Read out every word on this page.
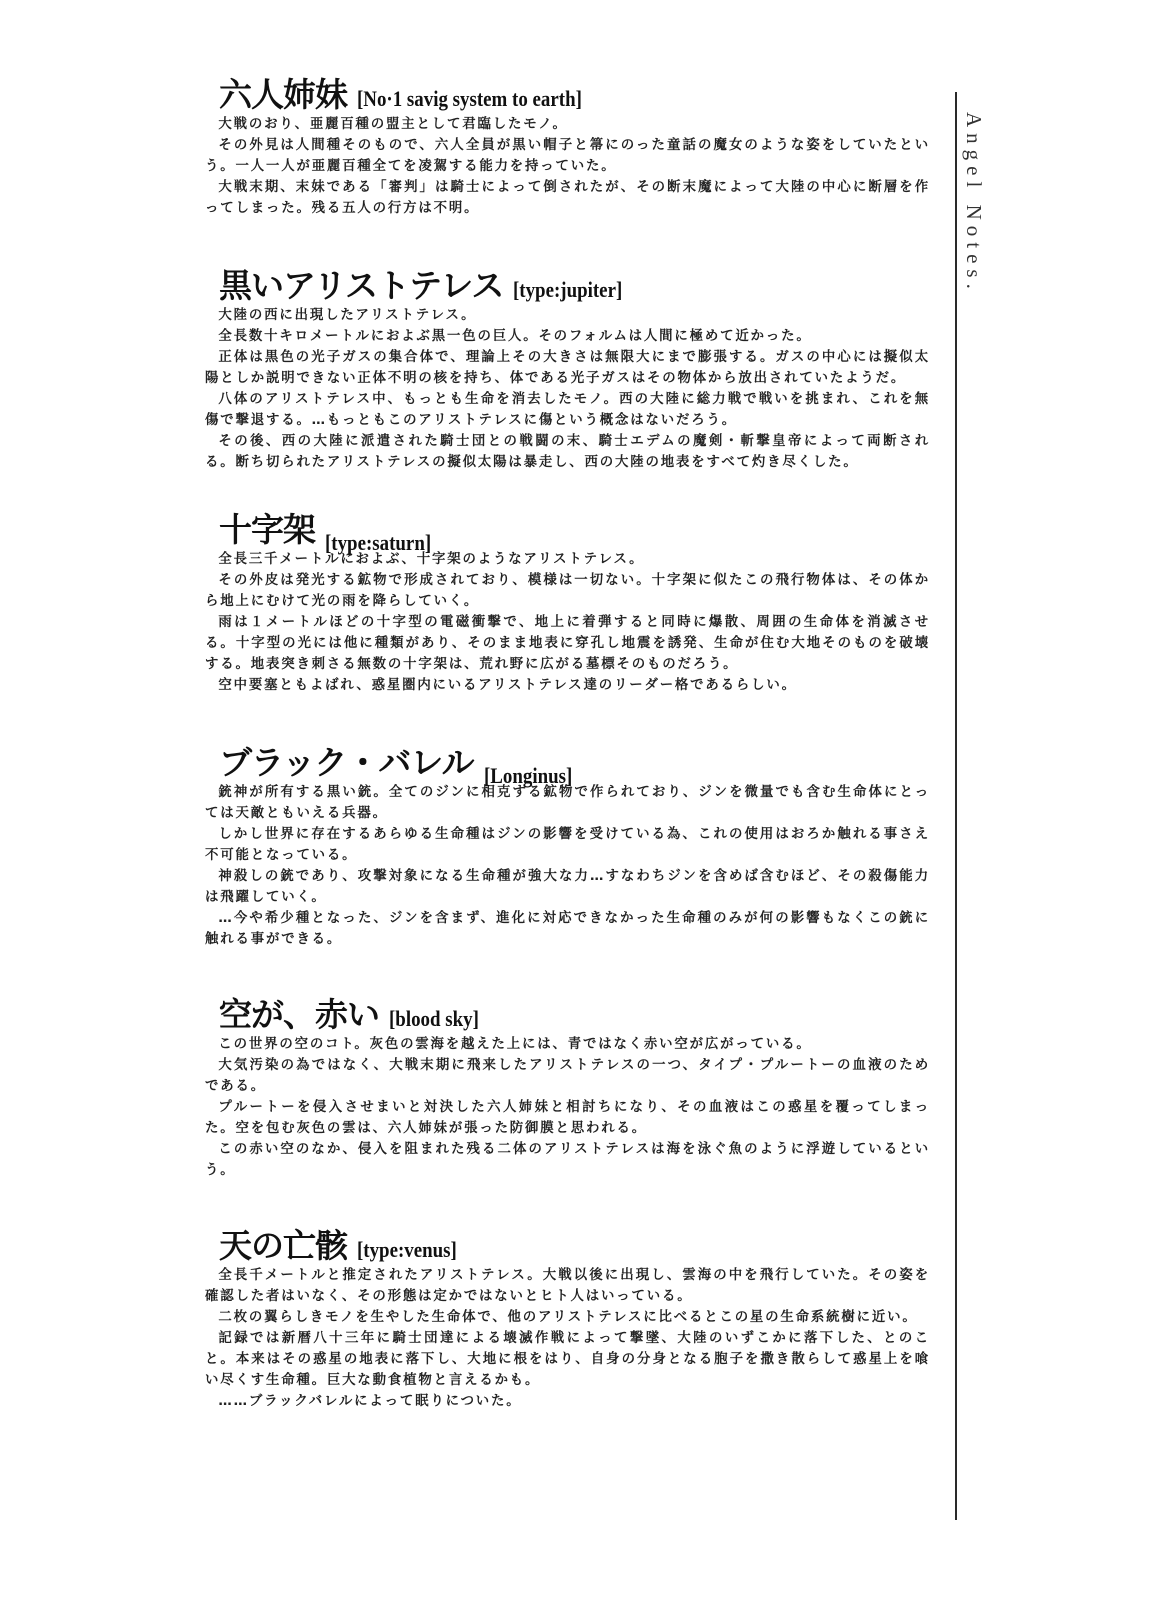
六人姉妹 [No·1 savig system to earth]

大戦のおり、亜麗百種の盟主として君臨したモノ。

その外見は人間種そのもので、六人全員が黒い帽子と箒にのった童話の魔女のような姿をしていたという。一人一人が亜麗百種全てを凌駕する能力を持っていた。

大戦末期、末妹である「審判」は騎士によって倒されたが、その断末魔によって大陸の中心に断層を作ってしまった。残る五人の行方は不明。

黒いアリストテレス [type:jupiter]

大陸の西に出現したアリストテレス。

全長数十キロメートルにおよぶ黒一色の巨人。そのフォルムは人間に極めて近かった。

正体は黒色の光子ガスの集合体で、理論上その大きさは無限大にまで膨張する。ガスの中心には擬似太陽としか説明できない正体不明の核を持ち、体である光子ガスはその物体から放出されていたようだ。

八体のアリストテレス中、もっとも生命を消去したモノ。西の大陸に総力戦で戦いを挑まれ、これを無傷で撃退する。…もっともこのアリストテレスに傷という概念はないだろう。

その後、西の大陸に派遣された騎士団との戦闘の末、騎士エデムの魔剣・斬撃皇帝によって両断される。断ち切られたアリストテレスの擬似太陽は暴走し、西の大陸の地表をすべて灼き尽くした。

十字架 [type:saturn]

全長三千メートルにおよぶ、十字架のようなアリストテレス。

その外皮は発光する鉱物で形成されており、模様は一切ない。十字架に似たこの飛行物体は、その体から地上にむけて光の雨を降らしていく。

雨は１メートルほどの十字型の電磁衝撃で、地上に着弾すると同時に爆散、周囲の生命体を消滅させる。十字型の光には他に種類があり、そのまま地表に穿孔し地震を誘発、生命が住む大地そのものを破壊する。地表突き刺さる無数の十字架は、荒れ野に広がる墓標そのものだろう。

空中要塞ともよばれ、惑星圏内にいるアリストテレス達のリーダー格であるらしい。

ブラック・バレル [Longinus]

銃神が所有する黒い銃。全てのジンに相克する鉱物で作られており、ジンを微量でも含む生命体にとっては天敵ともいえる兵器。

しかし世界に存在するあらゆる生命種はジンの影響を受けている為、これの使用はおろか触れる事さえ不可能となっている。

神殺しの銃であり、攻撃対象になる生命種が強大な力…すなわちジンを含めば含むほど、その殺傷能力は飛躍していく。

…今や希少種となった、ジンを含まず、進化に対応できなかった生命種のみが何の影響もなくこの銃に触れる事ができる。

空が、赤い [blood sky]

この世界の空のコト。灰色の雲海を越えた上には、青ではなく赤い空が広がっている。

大気汚染の為ではなく、大戦末期に飛来したアリストテレスの一つ、タイプ・プルートーの血液のためである。

プルートーを侵入させまいと対決した六人姉妹と相討ちになり、その血液はこの惑星を覆ってしまった。空を包む灰色の雲は、六人姉妹が張った防御膜と思われる。

この赤い空のなか、侵入を阻まれた残る二体のアリストテレスは海を泳ぐ魚のように浮遊しているという。

天の亡骸 [type:venus]

全長千メートルと推定されたアリストテレス。大戦以後に出現し、雲海の中を飛行していた。その姿を確認した者はいなく、その形態は定かではないとヒト人はいっている。

二枚の翼らしきモノを生やした生命体で、他のアリストテレスに比べるとこの星の生命系統樹に近い。

記録では新暦八十三年に騎士団達による壊滅作戦によって撃墜、大陸のいずこかに落下した、とのこと。本来はその惑星の地表に落下し、大地に根をはり、自身の分身となる胞子を撒き散らして惑星上を喰い尽くす生命種。巨大な動食植物と言えるかも。

……ブラックバレルによって眠りについた。

Angel Notes.
